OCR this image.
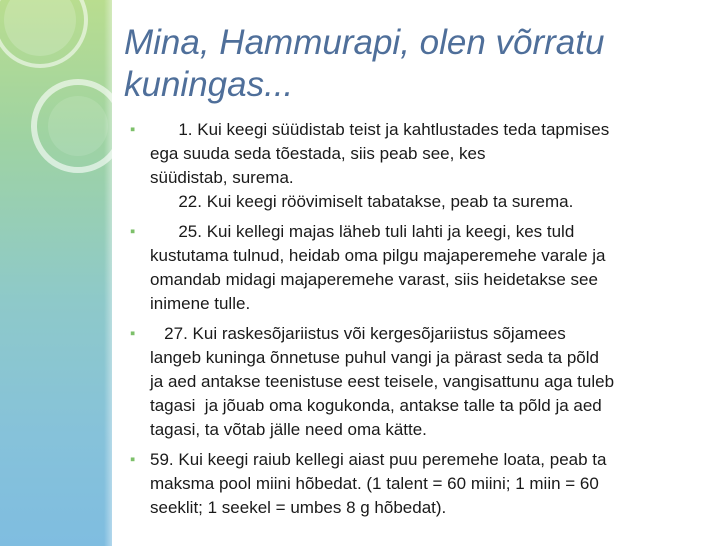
Mina, Hammurapi, olen võrratu
kuningas...
▪ 1. Kui keegi süüdistab teist ja kahtlustades teda tapmises
ega suuda seda tõestada, siis peab see, kes
süüdistab, surema.
22. Kui keegi röövimiselt tabatakse, peab ta surema.
▪ 25. Kui kellegi majas läheb tuli lahti ja keegi, kes tuld
kustutama tulnud, heidab oma pilgu majaperemehe varale ja
omandab midagi majaperemehe varast, siis heidetakse see
inimene tulle.
▪ 27. Kui raskesõjariistus või kergesõjariistus sõjamees
langeb kuninga õnnetuse puhul vangi ja pärast seda ta põld
ja aed antakse teenistuse eest teisele, vangisattunu aga tuleb
tagasi  ja jõuab oma kogukonda, antakse talle ta põld ja aed
tagasi, ta võtab jälle need oma kätte.
▪ 59. Kui keegi raiub kellegi aiast puu peremehe loata, peab ta
maksma pool miini hõbedat. (1 talent = 60 miini; 1 miin = 60
seeklit; 1 seekel = umbes 8 g hõbedat).
